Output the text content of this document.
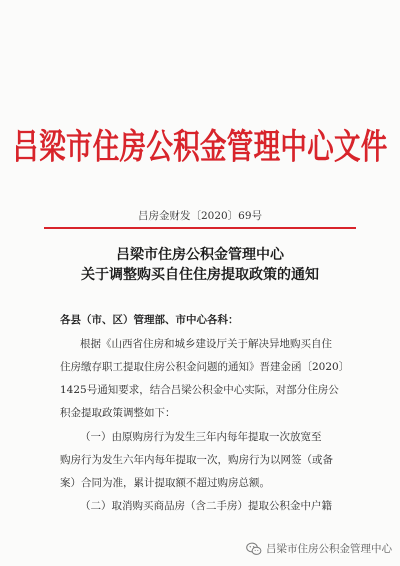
吕梁市住房公积金管理中心文件
吕房金财发〔2020〕69号
吕梁市住房公积金管理中心
关于调整购买自住住房提取政策的通知
各县（市、区）管理部、市中心各科：
根据《山西省住房和城乡建设厅关于解决异地购买自住
住房缴存职工提取住房公积金问题的通知》晋建金函〔2020〕
1425号通知要求，结合吕梁公积金中心实际，对部分住房公
积金提取政策调整如下：
（一）由原购房行为发生三年内每年提取一次放宽至
购房行为发生六年内每年提取一次，购房行为以网签（或备
案）合同为准，累计提取额不超过购房总额。
（二）取消购买商品房（含二手房）提取公积金中户籍
吕梁市住房公积金管理中心
